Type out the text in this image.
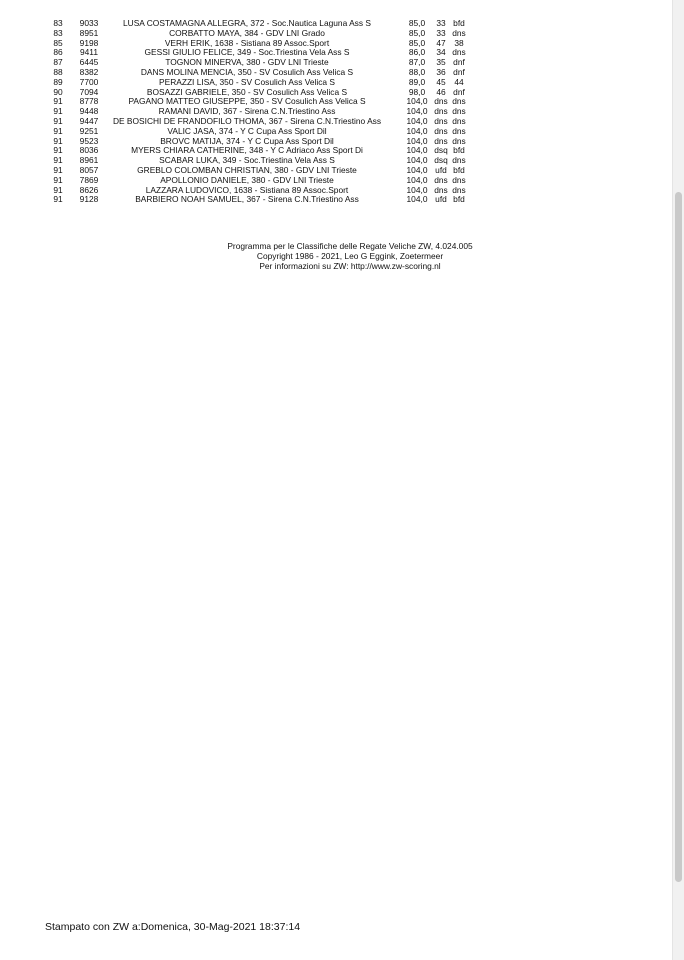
83	9033	LUSA COSTAMAGNA ALLEGRA, 372 - Soc.Nautica Laguna Ass S	85,0	33 bfd
83	8951	CORBATTO MAYA, 384 - GDV LNI Grado	85,0	33 dns
85	9198	VERH ERIK, 1638 - Sistiana 89 Assoc.Sport	85,0	47	38
86	9411	GESSI GIULIO FELICE, 349 - Soc.Triestina Vela Ass S	86,0	34 dns
87	6445	TOGNON MINERVA, 380 - GDV LNI Trieste	87,0	35 dnf
88	8382	DANS MOLINA MENCIA, 350 - SV Cosulich Ass Velica S	88,0	36 dnf
89	7700	PERAZZI LISA, 350 - SV Cosulich Ass Velica S	89,0	45	44
90	7094	BOSAZZI GABRIELE, 350 - SV Cosulich Ass Velica S	98,0	46 dnf
91	8778	PAGANO MATTEO GIUSEPPE, 350 - SV Cosulich Ass Velica S	104,0 dns dns
91	9448	RAMANI DAVID, 367 - Sirena C.N.Triestino Ass	104,0 dns dns
91	9447	DE BOSICHI DE FRANDOFILO THOMA, 367 - Sirena C.N.Triestino Ass	104,0 dns dns
91	9251	VALIC JASA, 374 - Y C Cupa Ass Sport Dil	104,0 dns dns
91	9523	BROVC MATIJA, 374 - Y C Cupa Ass Sport Dil	104,0 dns dns
91	8036	MYERS CHIARA CATHERINE, 348 - Y C Adriaco Ass Sport Di	104,0 dsq bfd
91	8961	SCABAR LUKA, 349 - Soc.Triestina Vela Ass S	104,0 dsq dns
91	8057	GREBLO COLOMBAN CHRISTIAN, 380 - GDV LNI Trieste	104,0 ufd bfd
91	7869	APOLLONIO DANIELE, 380 - GDV LNI Trieste	104,0 dns dns
91	8626	LAZZARA LUDOVICO, 1638 - Sistiana 89 Assoc.Sport	104,0 dns dns
91	9128	BARBIERO NOAH SAMUEL, 367 - Sirena C.N.Triestino Ass	104,0 ufd bfd
Programma per le Classifiche delle Regate Veliche ZW, 4.024.005
Copyright 1986 - 2021, Leo G Eggink, Zoetermeer
Per informazioni su ZW: http://www.zw-scoring.nl
Stampato con ZW a:Domenica, 30-Mag-2021 18:37:14
